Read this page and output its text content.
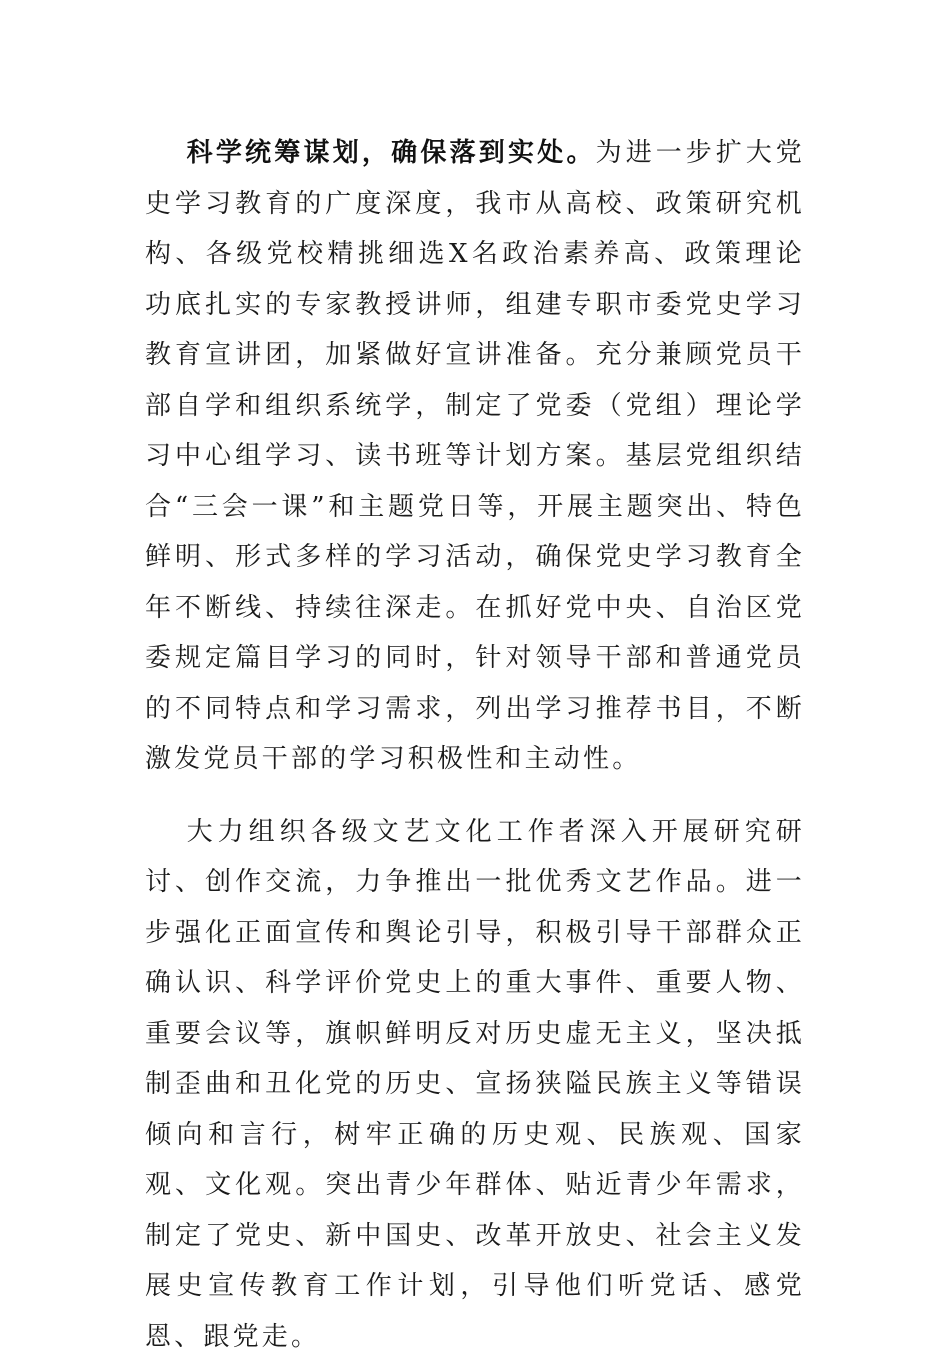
科学统筹谋划，确保落到实处。为进一步扩大党史学习教育的广度深度，我市从高校、政策研究机构、各级党校精挑细选X名政治素养高、政策理论功底扎实的专家教授讲师，组建专职市委党史学习教育宣讲团，加紧做好宣讲准备。充分兼顾党员干部自学和组织系统学，制定了党委（党组）理论学习中心组学习、读书班等计划方案。基层党组织结合“三会一课”和主题党日等，开展主题突出、特色鲜明、形式多样的学习活动，确保党史学习教育全年不断线、持续往深走。在抓好党中央、自治区党委规定篇目学习的同时，针对领导干部和普通党员的不同特点和学习需求，列出学习推荐书目，不断激发党员干部的学习积极性和主动性。

大力组织各级文艺文化工作者深入开展研究研讨、创作交流，力争推出一批优秀文艺作品。进一步强化正面宣传和舆论引导，积极引导干部群众正确认识、科学评价党史上的重大事件、重要人物、重要会议等，旗帜鲜明反对历史虚无主义，坚决抵制歪曲和丑化党的历史、宣扬狭隘民族主义等错误倾向和言行，树牢正确的历史观、民族观、国家观、文化观。突出青少年群体、贴近青少年需求，制定了党史、新中国史、改革开放史、社会主义发展史宣传教育工作计划，引导他们听党话、感党恩、跟党走。
